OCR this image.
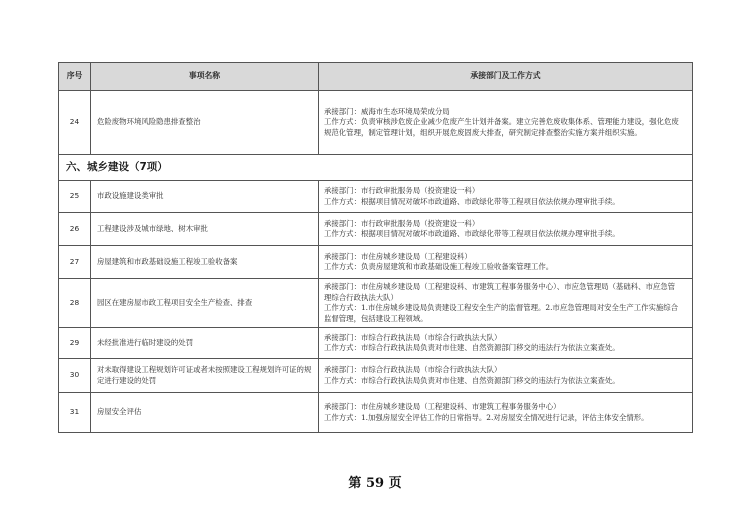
序号	事项名称	承接部门及工作方式
24	危险废物环境风险隐患排查整治	承接部门：威海市生态环境局荣成分局
工作方式：负责审核涉危废企业减少危废产生计划并备案。建立完善危废收集体系、管理能力建设，强化危废规范化管理，制定管理计划，组织开展危废固废大排查，研究制定排查整治实施方案并组织实施。

六、城乡建设（7项）		
25	市政设施建设类审批	承接部门：市行政审批服务局（投资建设一科）
工作方式：根据项目情况对破坏市政道路、市政绿化带等工程项目依法依规办理审批手续。

26	工程建设涉及城市绿地、树木审批	承接部门：市行政审批服务局（投资建设一科）
工作方式：根据项目情况对破坏市政道路、市政绿化带等工程项目依法依规办理审批手续。

27	房屋建筑和市政基础设施工程竣工验收备案	承接部门：市住房城乡建设局（工程建设科）
工作方式：负责房屋建筑和市政基础设施工程竣工验收备案管理工作。

28	园区在建房屋市政工程项目安全生产检查、排查	承接部门：市住房城乡建设局（工程建设科、市建筑工程事务服务中心）、市应急管理局（基础科、市应急管理综合行政执法大队）
工作方式：1.市住房城乡建设局负责建设工程安全生产的监督管理。2.市应急管理局对安全生产工作实施综合监督管理，包括建设工程领域。

29	未经批准进行临时建设的处罚	承接部门：市综合行政执法局（市综合行政执法大队）
工作方式：市综合行政执法局负责对市住建、自然资源部门移交的违法行为依法立案查处。

30	对未取得建设工程规划许可证或者未按照建设工程规划许可证的规定进行建设的处罚	承接部门：市综合行政执法局（市综合行政执法大队）
工作方式：市综合行政执法局负责对市住建、自然资源部门移交的违法行为依法立案查处。

31	房屋安全评估	承接部门：市住房城乡建设局（工程建设科、市建筑工程事务服务中心）
工作方式：1.加强房屋安全评估工作的日常指导。2.对房屋安全情况进行记录，评估主体安全情形。
第 59 页
